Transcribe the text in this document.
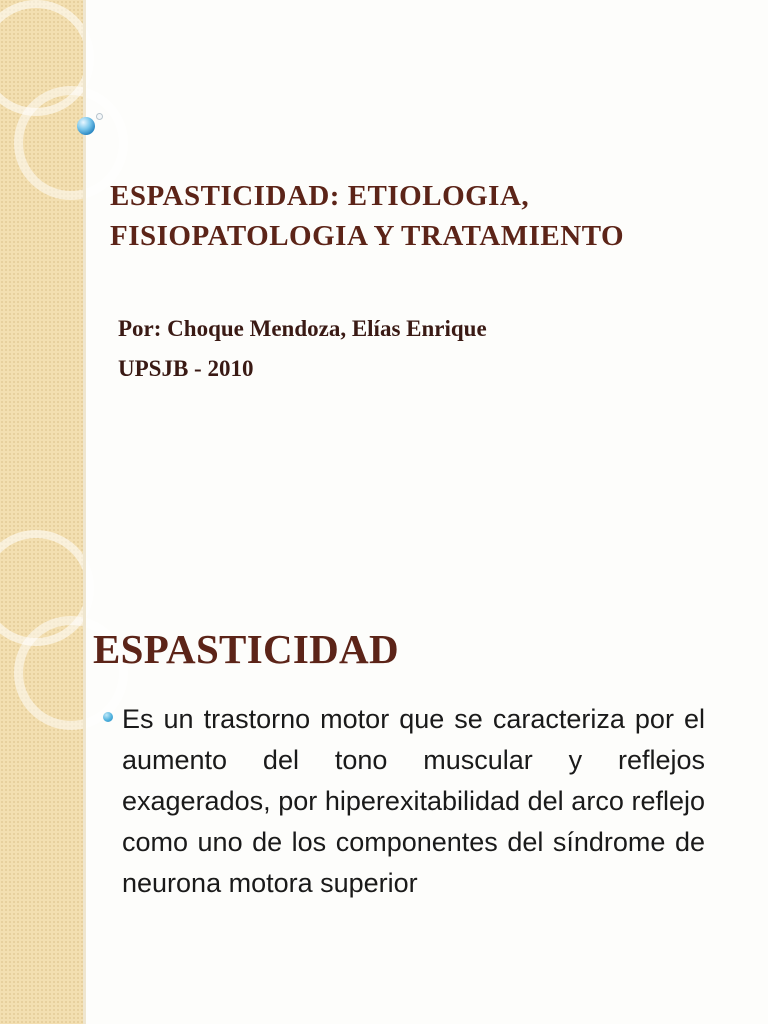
ESPASTICIDAD: ETIOLOGIA, FISIOPATOLOGIA Y TRATAMIENTO

Por: Choque Mendoza, Elías Enrique

UPSJB - 2010

ESPASTICIDAD

Es un trastorno motor que se caracteriza por el aumento del tono muscular y reflejos exagerados, por hiperexitabilidad del arco reflejo como uno de los componentes del síndrome de neurona motora superior
